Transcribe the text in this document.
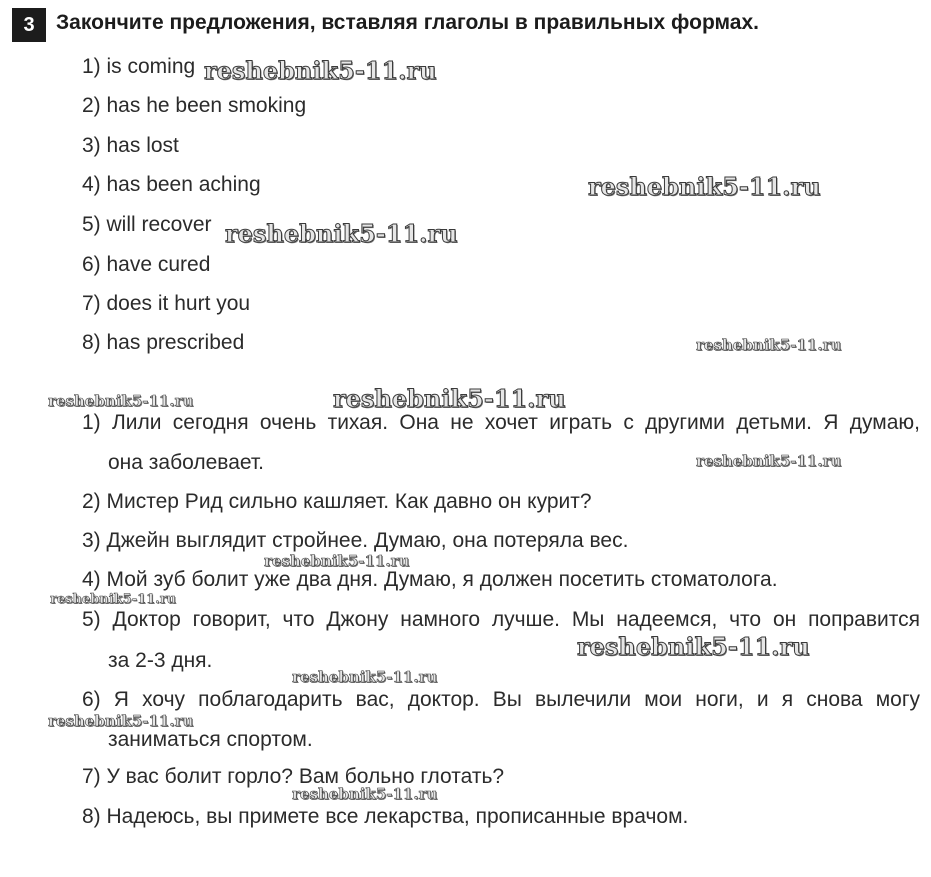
3	Закончите предложения, вставляя глаголы в правильных формах.
1) is coming
2) has he been smoking
3) has lost
4) has been aching
5) will recover
6) have cured
7) does it hurt you
8) has prescribed
1) Лили сегодня очень тихая. Она не хочет играть с другими детьми. Я думаю,
она заболевает.
2) Мистер Рид сильно кашляет. Как давно он курит?
3) Джейн выглядит стройнее. Думаю, она потеряла вес.
4) Мой зуб болит уже два дня. Думаю, я должен посетить стоматолога.
5) Доктор говорит, что Джону намного лучше. Мы надеемся, что он поправится
за 2-3 дня.
6) Я хочу поблагодарить вас, доктор. Вы вылечили мои ноги, и я снова могу
заниматься спортом.
7) У вас болит горло? Вам больно глотать?
8) Надеюсь, вы примете все лекарства, прописанные врачом.
reshebnik5-11.ru
reshebnik5-11.ru
reshebnik5-11.ru
reshebnik5-11.ru
reshebnik5-11.ru	reshebnik5-11.ru
reshebnik5-11.ru
reshebnik5-11.ru
reshebnik5-11.ru
reshebnik5-11.ru
reshebnik5-11.ru
reshebnik5-11.ru
reshebnik5-11.ru
